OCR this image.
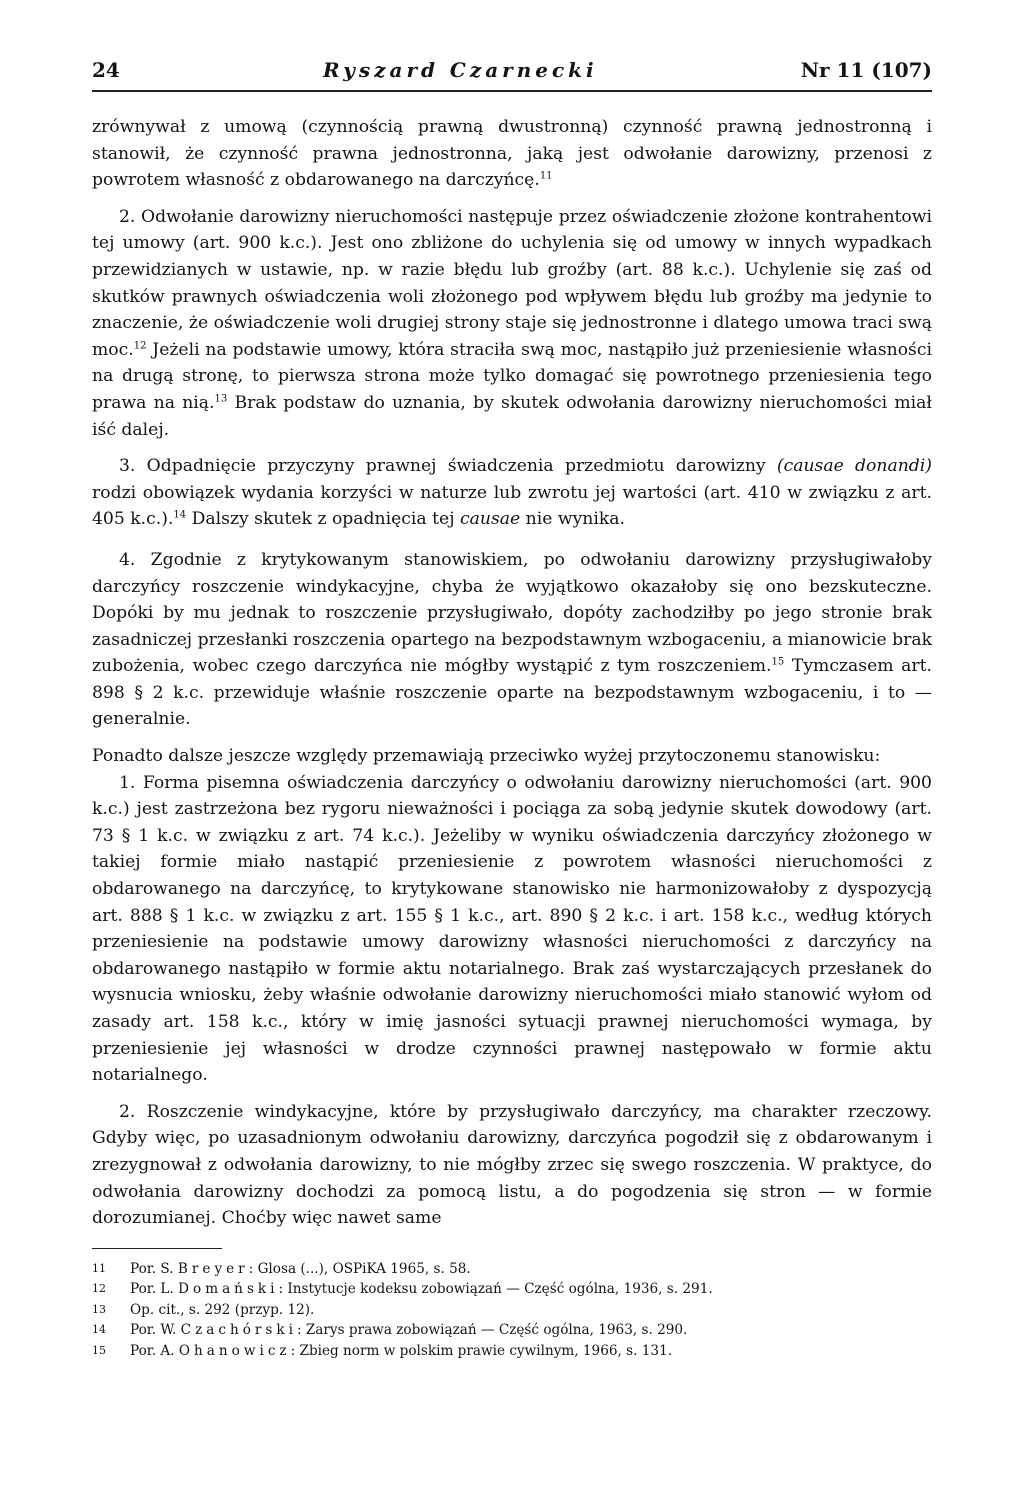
24	Ryszard Czarnecki	Nr 11 (107)

zrównywał z umową (czynnością prawną dwustronną) czynność prawną jednostronną i stanowił, że czynność prawna jednostronna, jaką jest odwołanie darowizny, przenosi z powrotem własność z obdarowanego na darczyńcę.$^{11}$

2. Odwołanie darowizny nieruchomości następuje przez oświadczenie złożone kontrahentowi tej umowy (art. 900 k.c.). Jest ono zbliżone do uchylenia się od umowy w innych wypadkach przewidzianych w ustawie, np. w razie błędu lub groźby (art. 88 k.c.). Uchylenie się zaś od skutków prawnych oświadczenia woli złożonego pod wpływem błędu lub groźby ma jedynie to znaczenie, że oświadczenie woli drugiej strony staje się jednostronne i dlatego umowa traci swą moc.$^{12}$ Jeżeli na podstawie umowy, która straciła swą moc, nastąpiło już przeniesienie własności na drugą stronę, to pierwsza strona może tylko domagać się powrotnego przeniesienia tego prawa na nią.$^{13}$ Brak podstaw do uznania, by skutek odwołania darowizny nieruchomości miał iść dalej.

3. Odpadnięcie przyczyny prawnej świadczenia przedmiotu darowizny (causae donandi) rodzi obowiązek wydania korzyści w naturze lub zwrotu jej wartości (art. 410 w związku z art. 405 k.c.).$^{14}$ Dalszy skutek z opadnięcia tej causae nie wynika.

4. Zgodnie z krytykowanym stanowiskiem, po odwołaniu darowizny przysługiwałoby darczyńcy roszczenie windykacyjne, chyba że wyjątkowo okazałoby się ono bezskuteczne. Dopóki by mu jednak to roszczenie przysługiwało, dopóty zachodziłby po jego stronie brak zasadniczej przesłanki roszczenia opartego na bezpodstawnym wzbogaceniu, a mianowicie brak zubożenia, wobec czego darczyńca nie mógłby wystąpić z tym roszczeniem.$^{15}$ Tymczasem art. 898 § 2 k.c. przewiduje właśnie roszczenie oparte na bezpodstawnym wzbogaceniu, i to — generalnie.

Ponadto dalsze jeszcze względy przemawiają przeciwko wyżej przytoczonemu stanowisku:

1. Forma pisemna oświadczenia darczyńcy o odwołaniu darowizny nieruchomości (art. 900 k.c.) jest zastrzeżona bez rygoru nieważności i pociąga za sobą jedynie skutek dowodowy (art. 73 § 1 k.c. w związku z art. 74 k.c.). Jeżeliby w wyniku oświadczenia darczyńcy złożonego w takiej formie miało nastąpić przeniesienie z powrotem własności nieruchomości z obdarowanego na darczyńcę, to krytykowane stanowisko nie harmonizowałoby z dyspozycją art. 888 § 1 k.c. w związku z art. 155 § 1 k.c., art. 890 § 2 k.c. i art. 158 k.c., według których przeniesienie na podstawie umowy darowizny własności nieruchomości z darczyńcy na obdarowanego nastąpiło w formie aktu notarialnego. Brak zaś wystarczających przesłanek do wysnucia wniosku, żeby właśnie odwołanie darowizny nieruchomości miało stanowić wyłom od zasady art. 158 k.c., który w imię jasności sytuacji prawnej nieruchomości wymaga, by przeniesienie jej własności w drodze czynności prawnej następowało w formie aktu notarialnego.

2. Roszczenie windykacyjne, które by przysługiwało darczyńcy, ma charakter rzeczowy. Gdyby więc, po uzasadnionym odwołaniu darowizny, darczyńca pogodził się z obdarowanym i zrezygnował z odwołania darowizny, to nie mógłby zrzec się swego roszczenia. W praktyce, do odwołania darowizny dochodzi za pomocą listu, a do pogodzenia się stron — w formie dorozumianej. Choćby więc nawet same

11	Por. S. Breyer: Glosa (...), OSPiKA 1965, s. 58.
12	Por. L. Domański: Instytucje kodeksu zobowiązań — Część ogólna, 1936, s. 291.
13	Op. cit., s. 292 (przyp. 12).
14	Por. W. Czachórski: Zarys prawa zobowiązań — Część ogólna, 1963, s. 290.
15	Por. A. Ohanowicz: Zbieg norm w polskim prawie cywilnym, 1966, s. 131.
